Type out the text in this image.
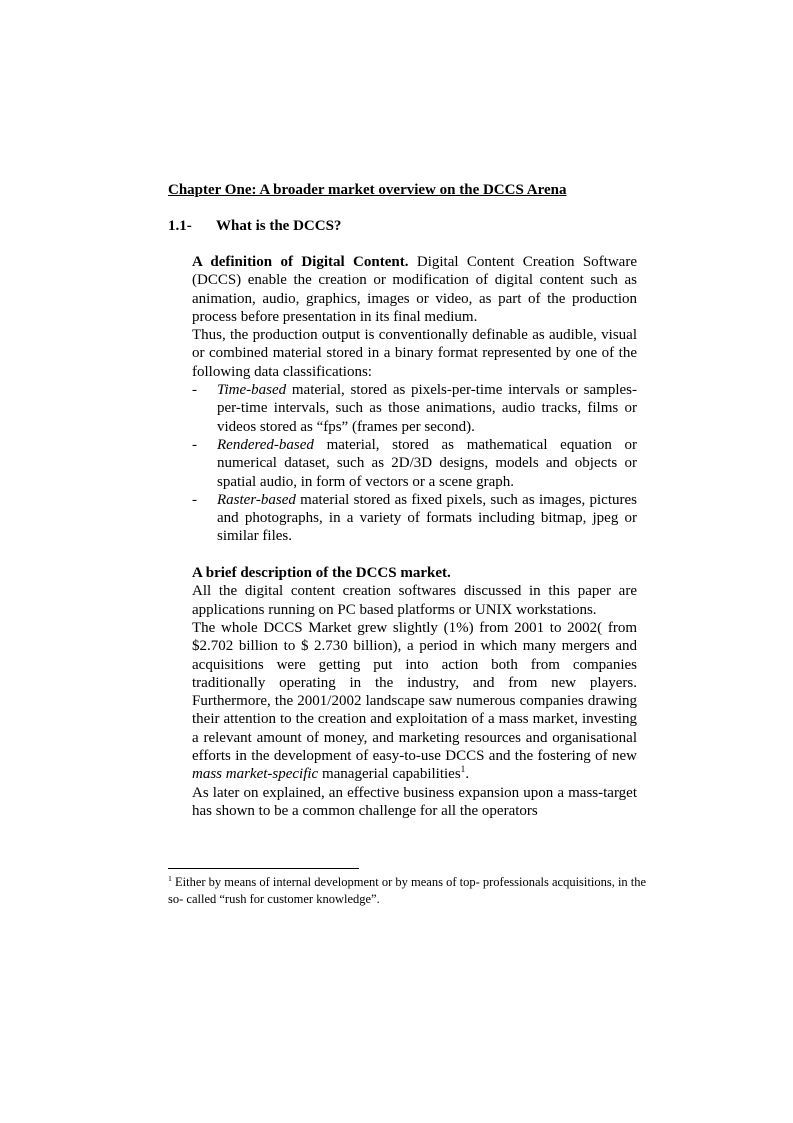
Chapter One: A broader market overview on the DCCS Arena
1.1- What is the DCCS?

A definition of Digital Content. Digital Content Creation Software (DCCS) enable the creation or modification of digital content such as animation, audio, graphics, images or video, as part of the production process before presentation in its final medium.

Thus, the production output is conventionally definable as audible, visual or combined material stored in a binary format represented by one of the following data classifications:

- Time-based material, stored as pixels-per-time intervals or samples-per-time intervals, such as those animations, audio tracks, films or videos stored as “fps” (frames per second).
- Rendered-based material, stored as mathematical equation or numerical dataset, such as 2D/3D designs, models and objects or spatial audio, in form of vectors or a scene graph.
- Raster-based material stored as fixed pixels, such as images, pictures and photographs, in a variety of formats including bitmap, jpeg or similar files.

A brief description of the DCCS market.

All the digital content creation softwares discussed in this paper are applications running on PC based platforms or UNIX workstations.

The whole DCCS Market grew slightly (1%) from 2001 to 2002( from $2.702 billion to $ 2.730 billion), a period in which many mergers and acquisitions were getting put into action both from companies traditionally operating in the industry, and from new players. Furthermore, the 2001/2002 landscape saw numerous companies drawing their attention to the creation and exploitation of a mass market, investing a relevant amount of money, and marketing resources and organisational efforts in the development of easy-to-use DCCS and the fostering of new mass market-specific managerial capabilities$^1$.

As later on explained, an effective business expansion upon a mass-target has shown to be a common challenge for all the operators

$^1$ Either by means of internal development or by means of top- professionals acquisitions, in the so- called “rush for customer knowledge”.
